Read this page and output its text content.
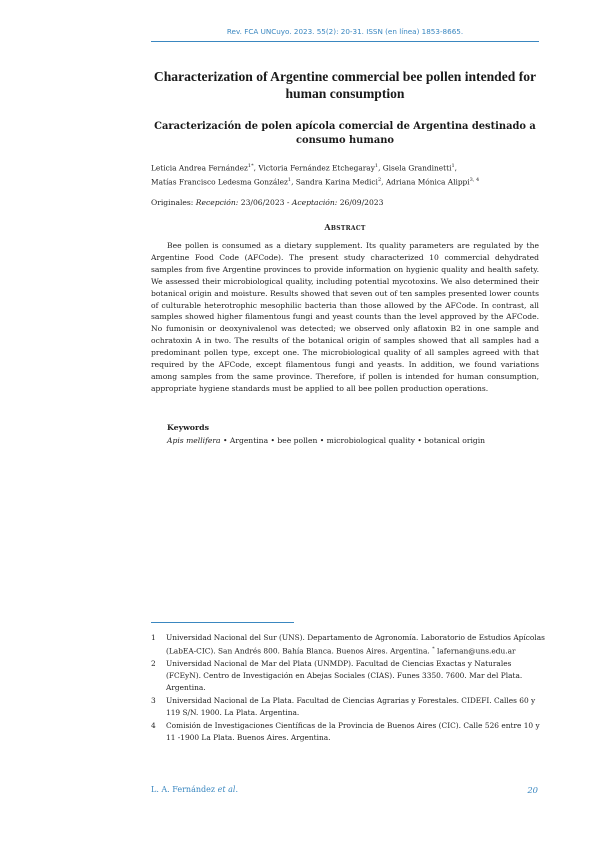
Rev. FCA UNCuyo. 2023. 55(2): 20-31. ISSN (en línea) 1853-8665.
Characterization of Argentine commercial bee pollen intended for human consumption
Caracterización de polen apícola comercial de Argentina destinado a consumo humano
Leticia Andrea Fernández$^{1*}$, Victoria Fernández Etchegaray$^1$, Gisela Grandinetti$^1$,
Matías Francisco Ledesma González$^1$, Sandra Karina Medici$^2$, Adriana Mónica Alippi$^{3, 4}$
Originales: Recepción: 23/06/2023 - Aceptación: 26/09/2023
Abstract

Bee pollen is consumed as a dietary supplement. Its quality parameters are regulated by the Argentine Food Code (AFCode). The present study characterized 10 commercial dehydrated samples from five Argentine provinces to provide information on hygienic quality and health safety. We assessed their microbiological quality, including potential mycotoxins. We also determined their botanical origin and moisture. Results showed that seven out of ten samples presented lower counts of culturable heterotrophic mesophilic bacteria than those allowed by the AFCode. In contrast, all samples showed higher filamentous fungi and yeast counts than the level approved by the AFCode. No fumonisin or deoxynivalenol was detected; we observed only aflatoxin B2 in one sample and ochratoxin A in two. The results of the botanical origin of samples showed that all samples had a predominant pollen type, except one. The microbiological quality of all samples agreed with that required by the AFCode, except filamentous fungi and yeasts. In addition, we found variations among samples from the same province. Therefore, if pollen is intended for human consumption, appropriate hygiene standards must be applied to all bee pollen production operations.

Keywords
Apis mellifera • Argentina • bee pollen • microbiological quality • botanical origin
1 Universidad Nacional del Sur (UNS). Departamento de Agronomía. Laboratorio de Estudios Apícolas (LabEA-CIC). San Andrés 800. Bahía Blanca. Buenos Aires. Argentina. * lafernan@uns.edu.ar
2 Universidad Nacional de Mar del Plata (UNMDP). Facultad de Ciencias Exactas y Naturales (FCEyN). Centro de Investigación en Abejas Sociales (CIAS). Funes 3350. 7600. Mar del Plata. Argentina.
3 Universidad Nacional de La Plata. Facultad de Ciencias Agrarias y Forestales. CIDEFI. Calles 60 y 119 S/N. 1900. La Plata. Argentina.
4 Comisión de Investigaciones Científicas de la Provincia de Buenos Aires (CIC). Calle 526 entre 10 y 11 -1900 La Plata. Buenos Aires. Argentina.
L. A. Fernández et al.	20
